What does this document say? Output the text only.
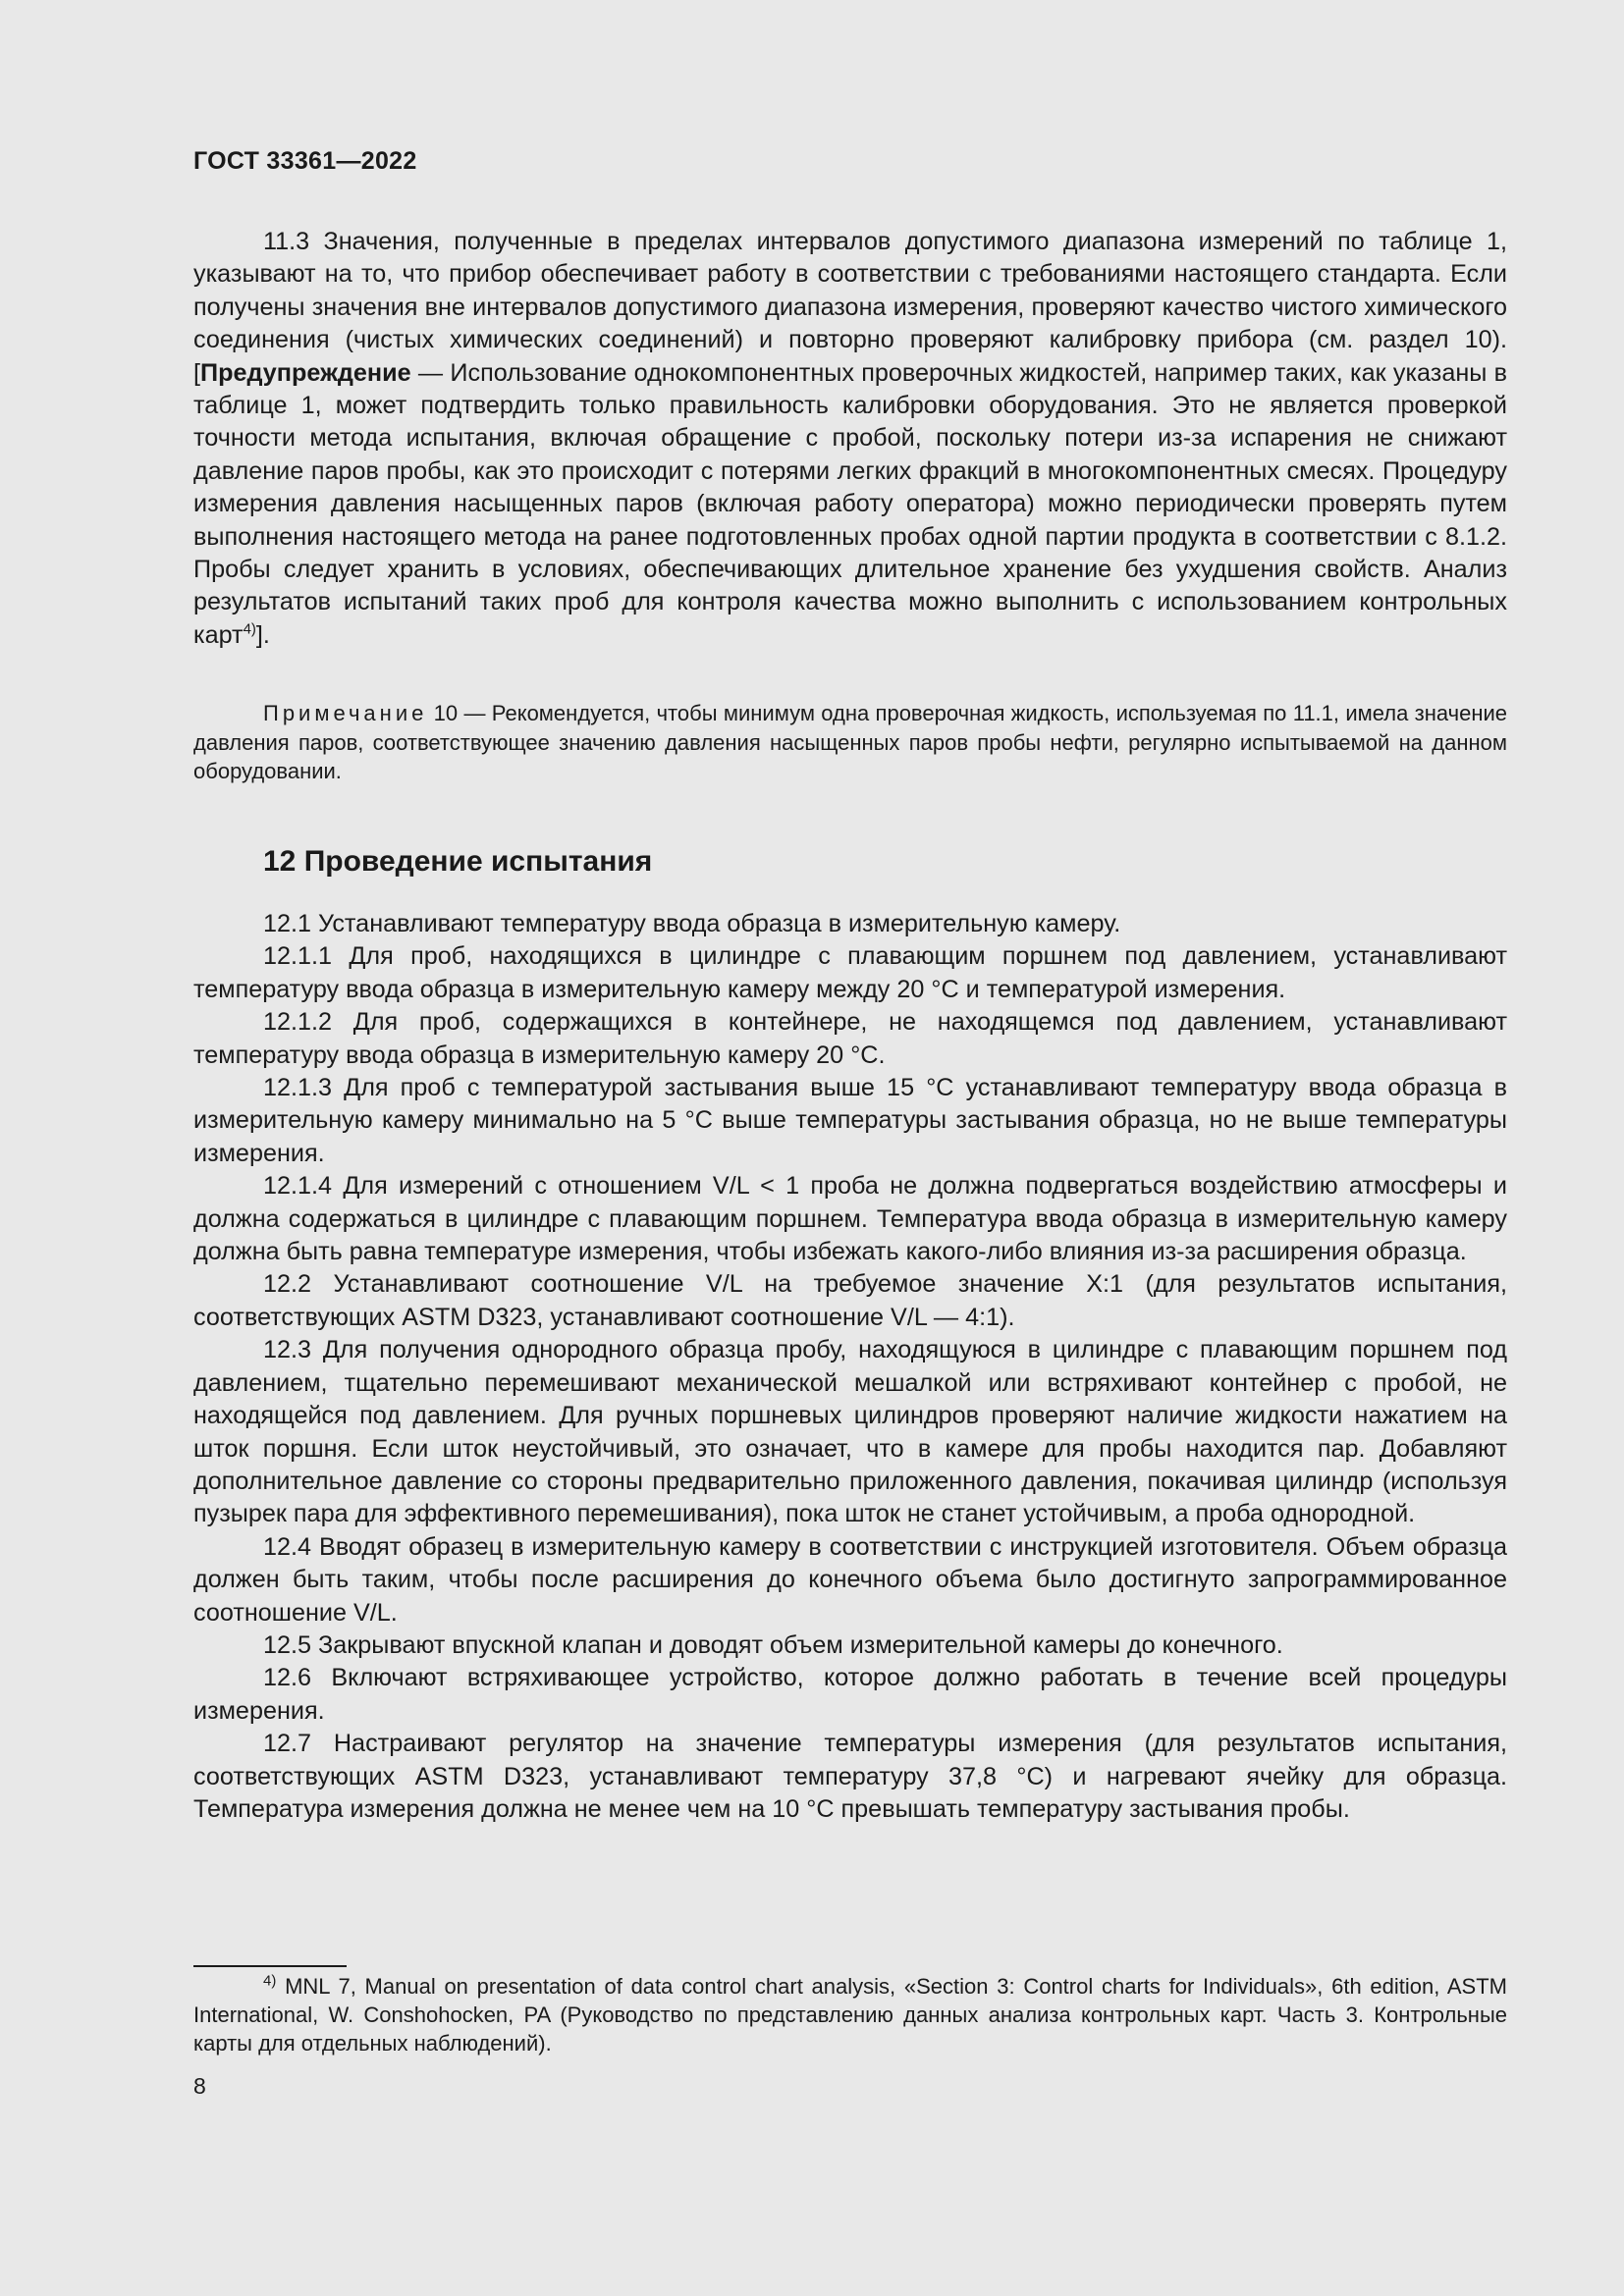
ГОСТ 33361—2022

11.3 Значения, полученные в пределах интервалов допустимого диапазона измерений по таблице 1, указывают на то, что прибор обеспечивает работу в соответствии с требованиями настоящего стандарта. Если получены значения вне интервалов допустимого диапазона измерения, проверяют качество чистого химического соединения (чистых химических соединений) и повторно проверяют калибровку прибора (см. раздел 10). [Предупреждение — Использование однокомпонентных проверочных жидкостей, например таких, как указаны в таблице 1, может подтвердить только правильность калибровки оборудования. Это не является проверкой точности метода испытания, включая обращение с пробой, поскольку потери из-за испарения не снижают давление паров пробы, как это происходит с потерями легких фракций в многокомпонентных смесях. Процедуру измерения давления насыщенных паров (включая работу оператора) можно периодически проверять путем выполнения настоящего метода на ранее подготовленных пробах одной партии продукта в соответствии с 8.1.2. Пробы следует хранить в условиях, обеспечивающих длительное хранение без ухудшения свойств. Анализ результатов испытаний таких проб для контроля качества можно выполнить с использованием контрольных карт$^{4)}$].

Примечание 10 — Рекомендуется, чтобы минимум одна проверочная жидкость, используемая по 11.1, имела значение давления паров, соответствующее значению давления насыщенных паров пробы нефти, регулярно испытываемой на данном оборудовании.

12 Проведение испытания

12.1 Устанавливают температуру ввода образца в измерительную камеру.

12.1.1 Для проб, находящихся в цилиндре с плавающим поршнем под давлением, устанавливают температуру ввода образца в измерительную камеру между 20 °С и температурой измерения.

12.1.2 Для проб, содержащихся в контейнере, не находящемся под давлением, устанавливают температуру ввода образца в измерительную камеру 20 °С.

12.1.3 Для проб с температурой застывания выше 15 °С устанавливают температуру ввода образца в измерительную камеру минимально на 5 °С выше температуры застывания образца, но не выше температуры измерения.

12.1.4 Для измерений с отношением V/L < 1 проба не должна подвергаться воздействию атмосферы и должна содержаться в цилиндре с плавающим поршнем. Температура ввода образца в измерительную камеру должна быть равна температуре измерения, чтобы избежать какого-либо влияния из-за расширения образца.

12.2 Устанавливают соотношение V/L на требуемое значение X:1 (для результатов испытания, соответствующих ASTM D323, устанавливают соотношение V/L — 4:1).

12.3 Для получения однородного образца пробу, находящуюся в цилиндре с плавающим поршнем под давлением, тщательно перемешивают механической мешалкой или встряхивают контейнер с пробой, не находящейся под давлением. Для ручных поршневых цилиндров проверяют наличие жидкости нажатием на шток поршня. Если шток неустойчивый, это означает, что в камере для пробы находится пар. Добавляют дополнительное давление со стороны предварительно приложенного давления, покачивая цилиндр (используя пузырек пара для эффективного перемешивания), пока шток не станет устойчивым, а проба однородной.

12.4 Вводят образец в измерительную камеру в соответствии с инструкцией изготовителя. Объем образца должен быть таким, чтобы после расширения до конечного объема было достигнуто запрограммированное соотношение V/L.

12.5 Закрывают впускной клапан и доводят объем измерительной камеры до конечного.

12.6 Включают встряхивающее устройство, которое должно работать в течение всей процедуры измерения.

12.7 Настраивают регулятор на значение температуры измерения (для результатов испытания, соответствующих ASTM D323, устанавливают температуру 37,8 °С) и нагревают ячейку для образца. Температура измерения должна не менее чем на 10 °С превышать температуру застывания пробы.

$^{4)}$ MNL 7, Manual on presentation of data control chart analysis, «Section 3: Control charts for Individuals», 6th edition, ASTM International, W. Conshohocken, PA (Руководство по представлению данных анализа контрольных карт. Часть 3. Контрольные карты для отдельных наблюдений).

8
